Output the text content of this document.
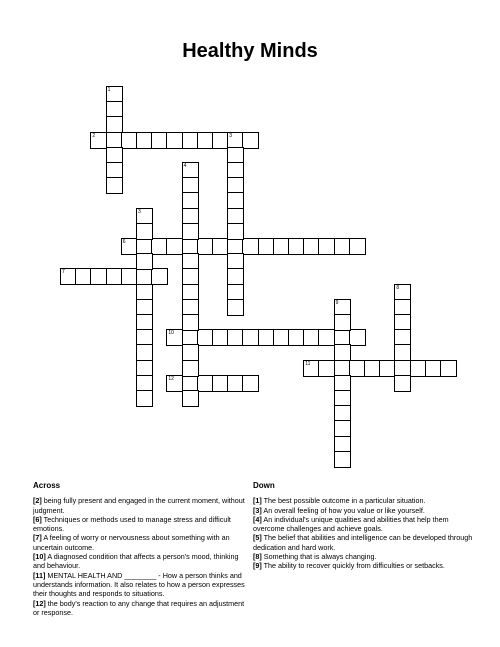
Healthy Minds
2	3
6
7
10
11
12
1
4
3
9
8
Across
[2] being fully present and engaged in the current moment, without judgment.
[6] Techniques or methods used to manage stress and difficult emotions.
[7] A feeling of worry or nervousness about something with an uncertain outcome.
[10] A diagnosed condition that affects a person's mood, thinking and behaviour.
[11] MENTAL HEALTH AND ________ - How a person thinks and understands information. It also relates to how a person expresses their thoughts and responds to situations.
[12] the body's reaction to any change that requires an adjustment or response.
Down
[1] The best possible outcome in a particular situation.
[3] An overall feeling of how you value or like yourself.
[4] An individual's unique qualities and abilities that help them overcome challenges and achieve goals.
[5] The belief that abilities and intelligence can be developed through dedication and hard work.
[8] Something that is always changing.
[9] The ability to recover quickly from difficulties or setbacks.
